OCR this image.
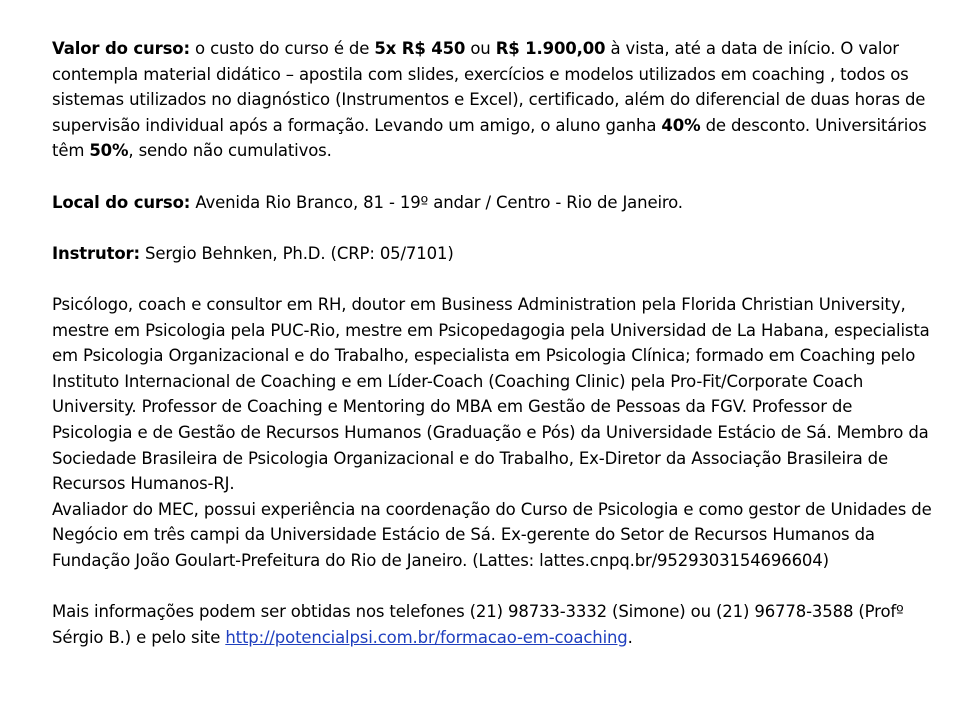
Valor do curso: o custo do curso é de 5x R$ 450 ou R$ 1.900,00 à vista, até a data de início. O valor contempla material didático – apostila com slides, exercícios e modelos utilizados em coaching , todos os sistemas utilizados no diagnóstico (Instrumentos e Excel), certificado, além do diferencial de duas horas de supervisão individual após a formação. Levando um amigo, o aluno ganha 40% de desconto. Universitários têm 50%, sendo não cumulativos.

Local do curso: Avenida Rio Branco, 81 - 19º andar / Centro - Rio de Janeiro.

Instrutor: Sergio Behnken, Ph.D. (CRP: 05/7101)

Psicólogo, coach e consultor em RH, doutor em Business Administration pela Florida Christian University, mestre em Psicologia pela PUC-Rio, mestre em Psicopedagogia pela Universidad de La Habana, especialista em Psicologia Organizacional e do Trabalho, especialista em Psicologia Clínica; formado em Coaching pelo Instituto Internacional de Coaching e em Líder-Coach (Coaching Clinic) pela Pro-Fit/Corporate Coach University. Professor de Coaching e Mentoring do MBA em Gestão de Pessoas da FGV. Professor de Psicologia e de Gestão de Recursos Humanos (Graduação e Pós) da Universidade Estácio de Sá. Membro da Sociedade Brasileira de Psicologia Organizacional e do Trabalho, Ex-Diretor da Associação Brasileira de Recursos Humanos-RJ.

Avaliador do MEC, possui experiência na coordenação do Curso de Psicologia e como gestor de Unidades de Negócio em três campi da Universidade Estácio de Sá. Ex-gerente do Setor de Recursos Humanos da Fundação João Goulart-Prefeitura do Rio de Janeiro. (Lattes: lattes.cnpq.br/9529303154696604)

Mais informações podem ser obtidas nos telefones (21) 98733-3332 (Simone) ou (21) 96778-3588 (Profº Sérgio B.) e pelo site http://potencialpsi.com.br/formacao-em-coaching.
